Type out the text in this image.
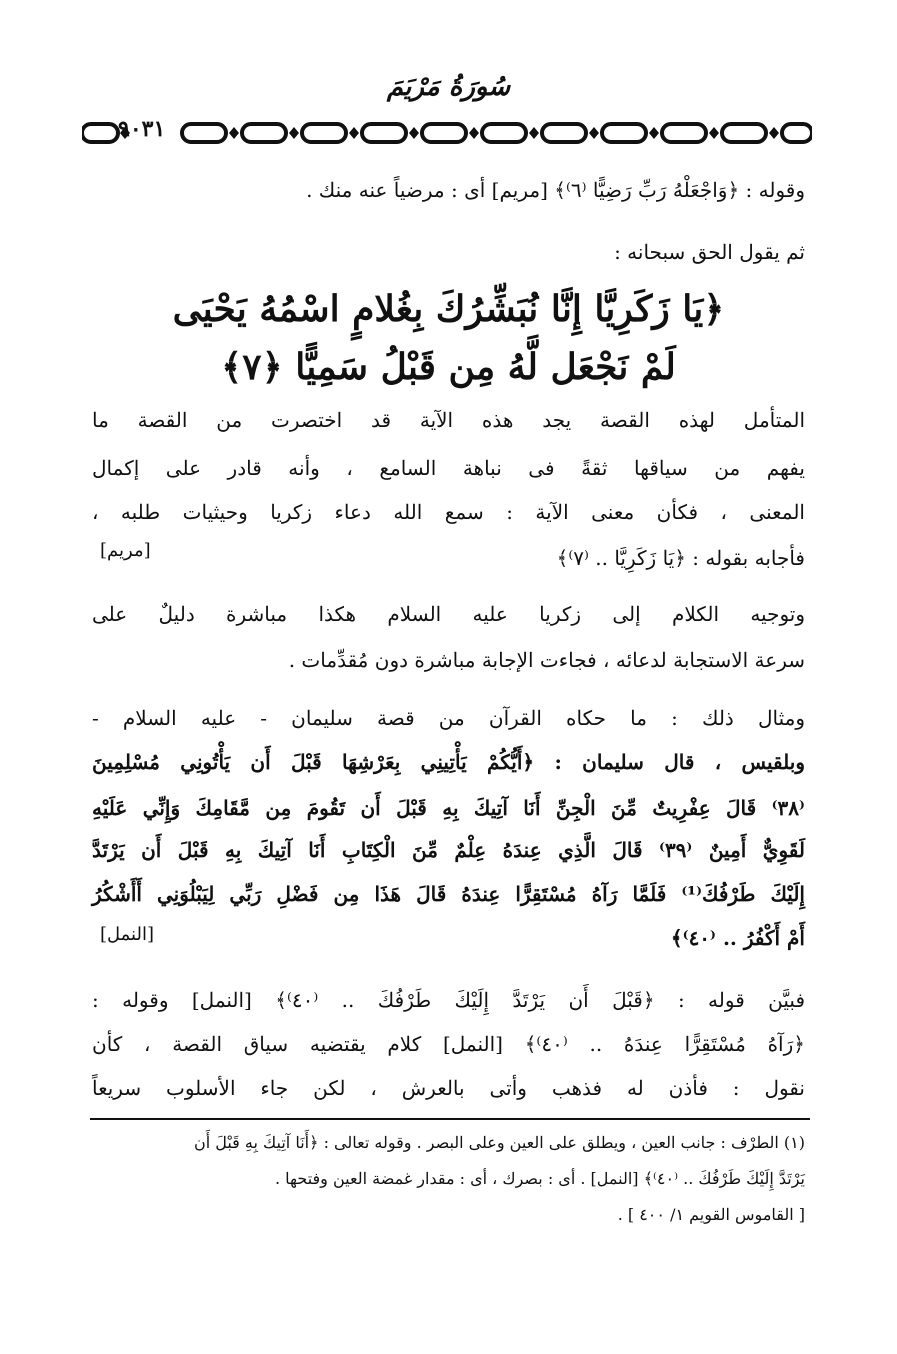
سُورَةُ مَرْيَمَ
٩٠٣١
وقوله : ﴿وَاجْعَلْهُ رَبِّ رَضِيًّا ⁽٦⁾﴾ [مريم] أى : مرضياً عنه منك .
ثم يقول الحق سبحانه :
﴿يَا زَكَرِيَّا إِنَّا نُبَشِّرُكَ بِغُلامٍ اسْمُهُ يَحْيَى
لَمْ نَجْعَل لَّهُ مِن قَبْلُ سَمِيًّا ﴿٧﴾
المتأمل لهذه القصة يجد هذه الآية قد اختصرت من القصة ما
يفهم من سياقها ثقةً فى نباهة السامع ، وأنه قادر على إكمال
المعنى ، فكأن معنى الآية : سمع الله دعاء زكريا وحيثيات طلبه ،
فأجابه بقوله : ﴿يَا زَكَرِيَّا .. ⁽٧⁾﴾
[مريم]
وتوجيه الكلام إلى زكريا عليه السلام هكذا مباشرة دليلٌ على
سرعة الاستجابة لدعائه ، فجاءت الإجابة مباشرة دون مُقدِّمات .
ومثال ذلك : ما حكاه القرآن من قصة سليمان - عليه السلام -
وبلقيس ، قال سليمان : ﴿أَيُّكُمْ يَأْتِينِي بِعَرْشِهَا قَبْلَ أَن يَأْتُونِي مُسْلِمِينَ
⁽٣٨⁾ قَالَ عِفْرِيتٌ مِّنَ الْجِنِّ أَنَا آتِيكَ بِهِ قَبْلَ أَن تَقُومَ مِن مَّقَامِكَ وَإِنِّي عَلَيْهِ
لَقَوِيٌّ أَمِينٌ ⁽٣٩⁾ قَالَ الَّذِي عِندَهُ عِلْمٌ مِّنَ الْكِتَابِ أَنَا آتِيكَ بِهِ قَبْلَ أَن يَرْتَدَّ
إِلَيْكَ طَرْفُكَ⁽¹⁾ فَلَمَّا رَآهُ مُسْتَقِرًّا عِندَهُ قَالَ هَذَا مِن فَضْلِ رَبِّي لِيَبْلُوَنِي أَأَشْكُرُ
أَمْ أَكْفُرُ .. ⁽٤٠⁾﴾
[النمل]
فبيَّن قوله : ﴿قَبْلَ أَن يَرْتَدَّ إِلَيْكَ طَرْفُكَ .. ⁽٤٠⁾﴾ [النمل] وقوله :
﴿رَآهُ مُسْتَقِرًّا عِندَهُ .. ⁽٤٠⁾﴾ [النمل] كلام يقتضيه سياق القصة ، كأن
نقول : فأذن له فذهب وأتى بالعرش ، لكن جاء الأسلوب سريعاً
(١) الطرْف : جانب العين ، ويطلق على العين وعلى البصر . وقوله تعالى : ﴿أَنَا آتِيكَ بِهِ قَبْلَ أَن
يَرْتَدَّ إِلَيْكَ طَرْفُكَ .. ⁽٤٠⁾﴾ [النمل] . أى : بصرك ، أى : مقدار غمضة العين وفتحها .
[ القاموس القويم ١/ ٤٠٠ ] .
